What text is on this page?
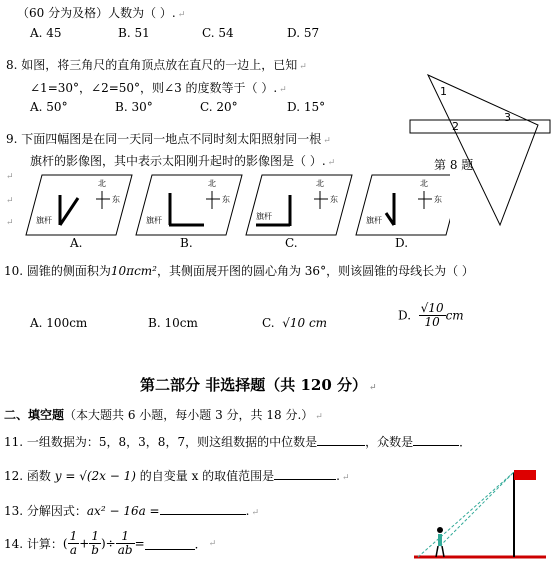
（60 分为及格）人数为（ ）. ↵
A. 45	B. 51	C. 54	D. 57
8. 如图，将三角尺的直角顶点放在直尺的一边上，已知 ↵
∠1=30°，∠2=50°，则∠3 的度数等于（ ）. ↵
A. 50°	B. 30°	C. 20°	D. 15°
1
2
3
第 8 题
9. 下面四幅图是在同一天同一地点不同时刻太阳照射同一根 ↵
旗杆的影像图，其中表示太阳刚升起时的影像图是（ ）. ↵
↵
↵
↵
北
东
旗杆
北
东
旗杆
北
东
旗杆
北
东
旗杆
A.	B.	C.	D.
10. 圆锥的侧面积为10πcm²，其侧面展开图的圆心角为 36°，则该圆锥的母线长为（ ）
A. 100cm	B. 10cm	C. √10 cm
D. $\frac{√10}{10}$ cm
第二部分 非选择题（共 120 分） ↵
二、填空题（本大题共 6 小题，每小题 3 分，共 18 分.） ↵
11. 一组数据为：5，8，3，8，7，则这组数据的中位数是	，众数是	．
12. 函数 y = √(2x − 1) 的自变量 x 的取值范围是	. ↵
13. 分解因式：ax² − 16a =	. ↵
14. 计算：( $\frac{1}{a} + \frac{1}{b}$ )÷ $\frac{1}{ab}$ =	． ↵
